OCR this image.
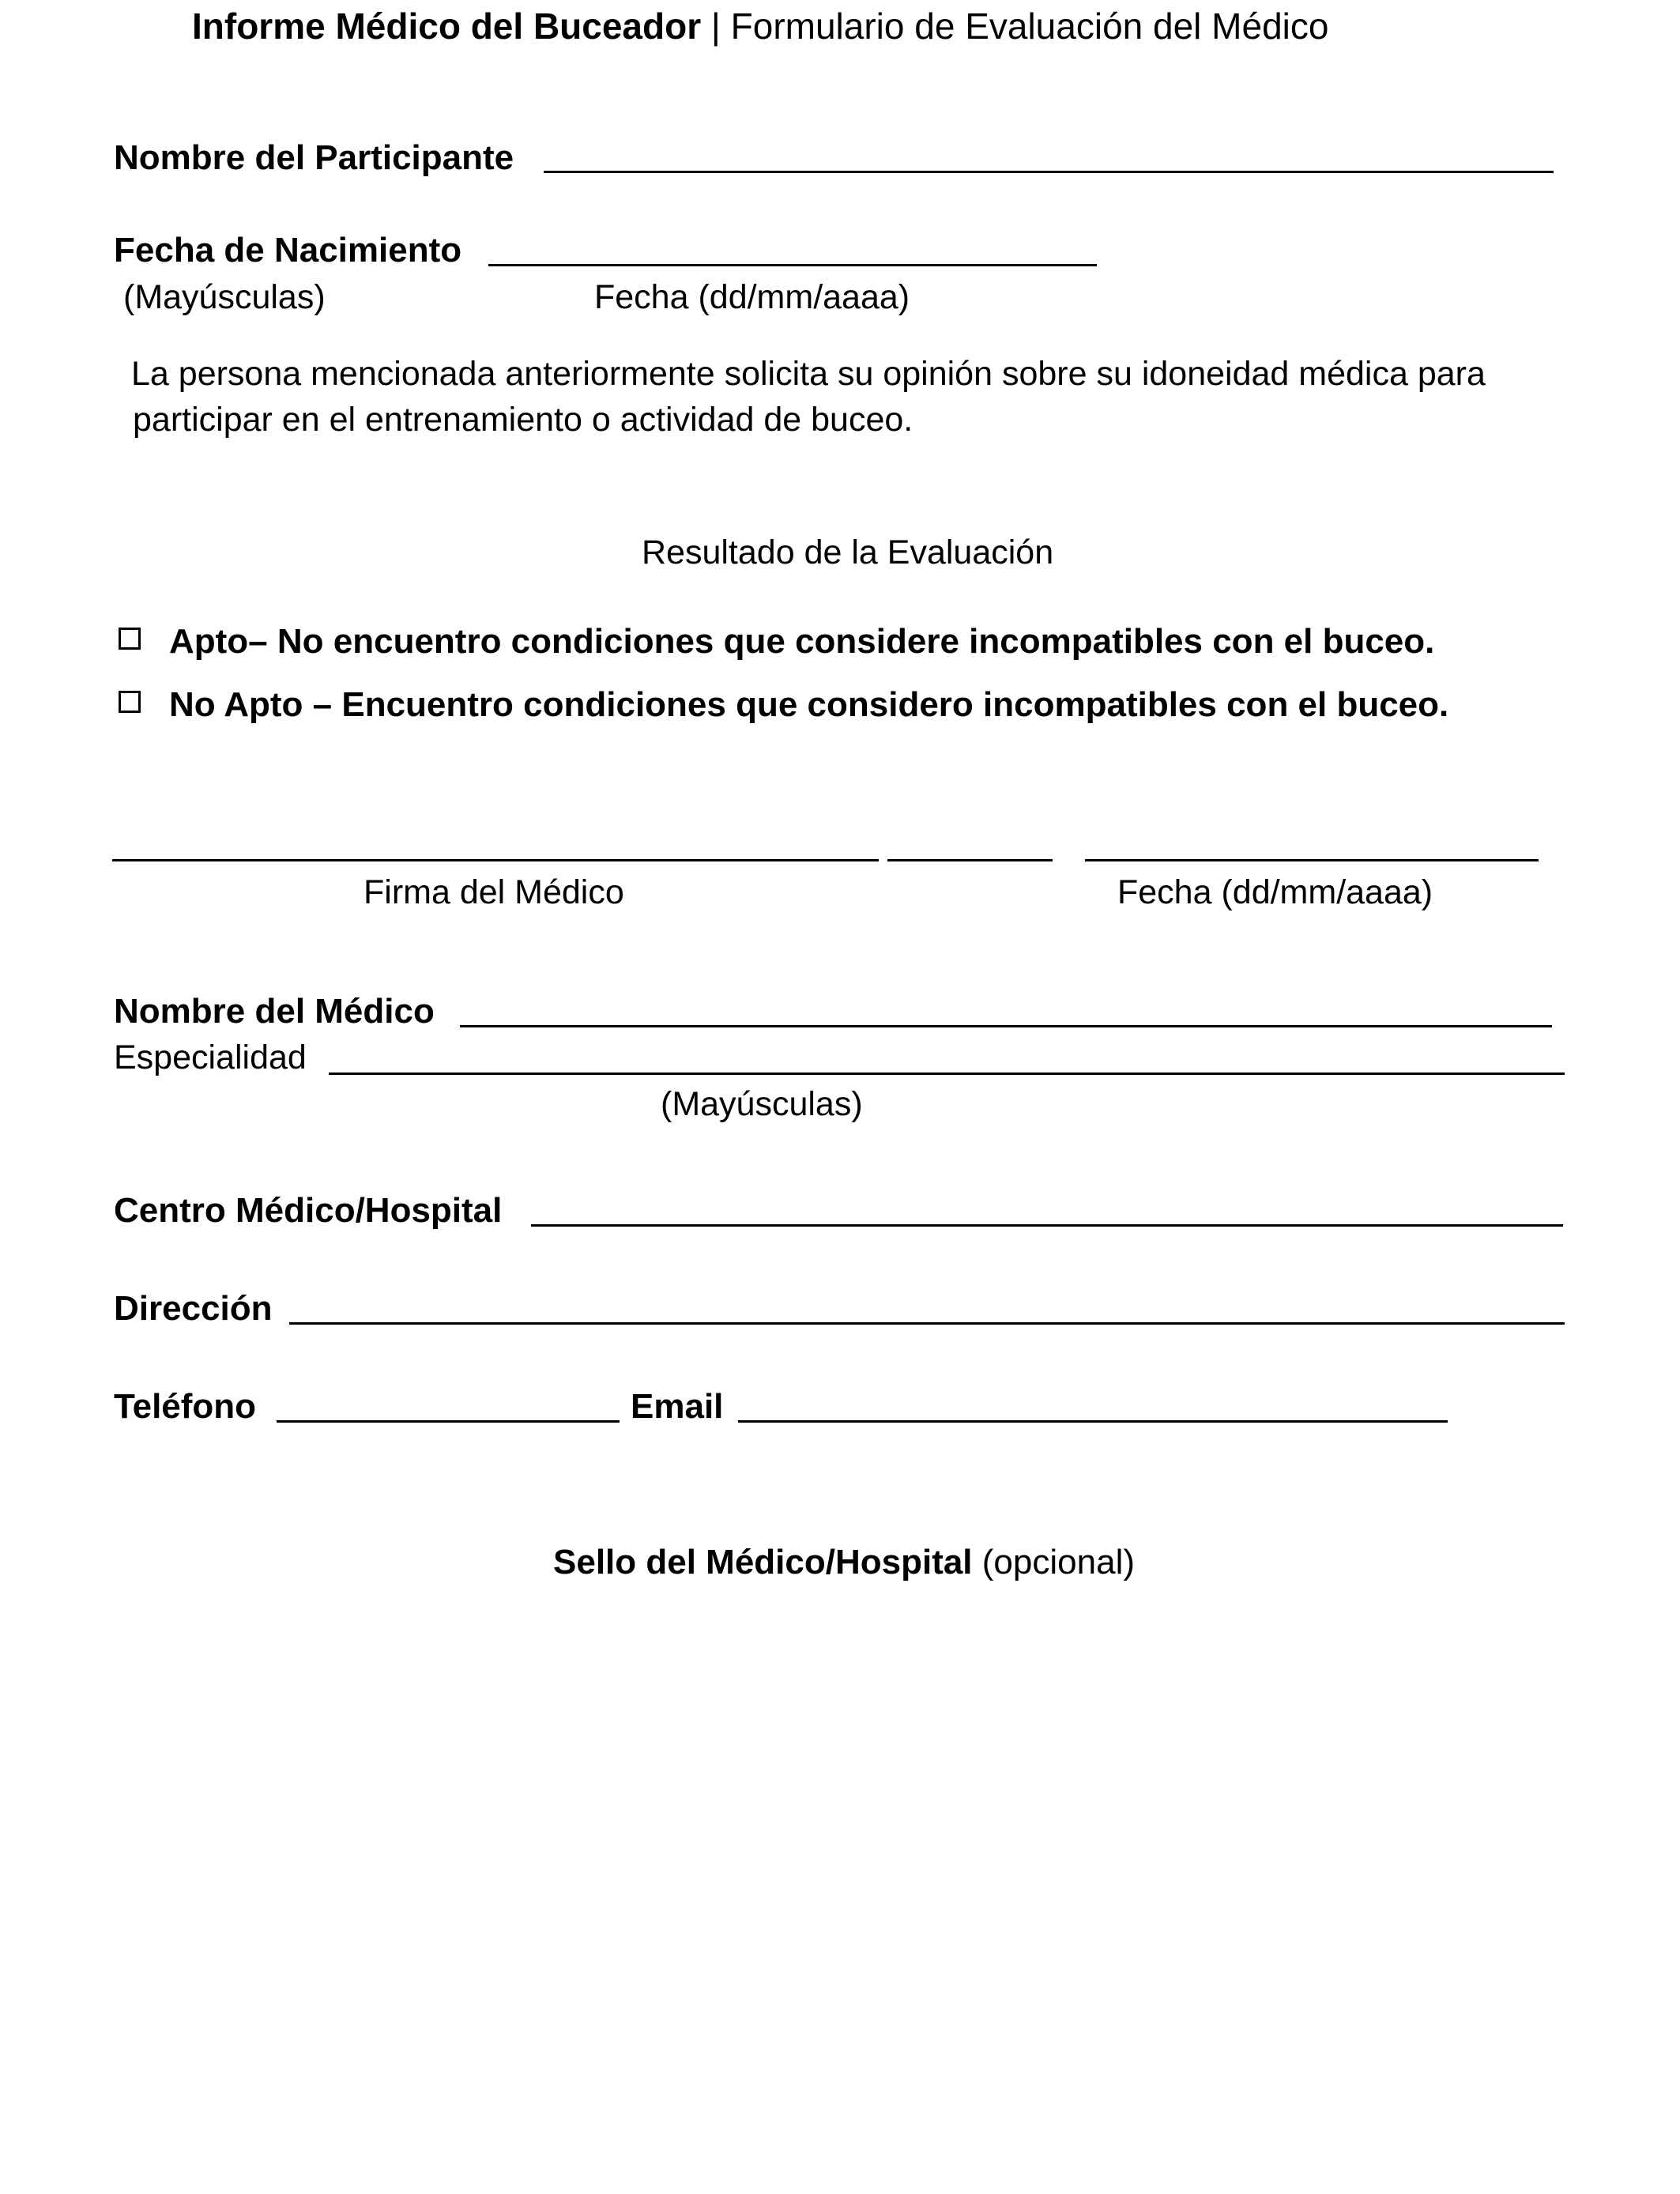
Informe Médico del Buceador | Formulario de Evaluación del Médico
Nombre del Participante
Fecha de Nacimiento
(Mayúsculas)	Fecha (dd/mm/aaaa)
La persona mencionada anteriormente solicita su opinión sobre su idoneidad médica para
participar en el entrenamiento o actividad de buceo.
Resultado de la Evaluación
Apto– No encuentro condiciones que considere incompatibles con el buceo.
No Apto – Encuentro condiciones que considero incompatibles con el buceo.
Firma del Médico	Fecha (dd/mm/aaaa)
Nombre del Médico
Especialidad
(Mayúsculas)
Centro Médico/Hospital
Dirección
Teléfono	Email
Sello del Médico/Hospital (opcional)
